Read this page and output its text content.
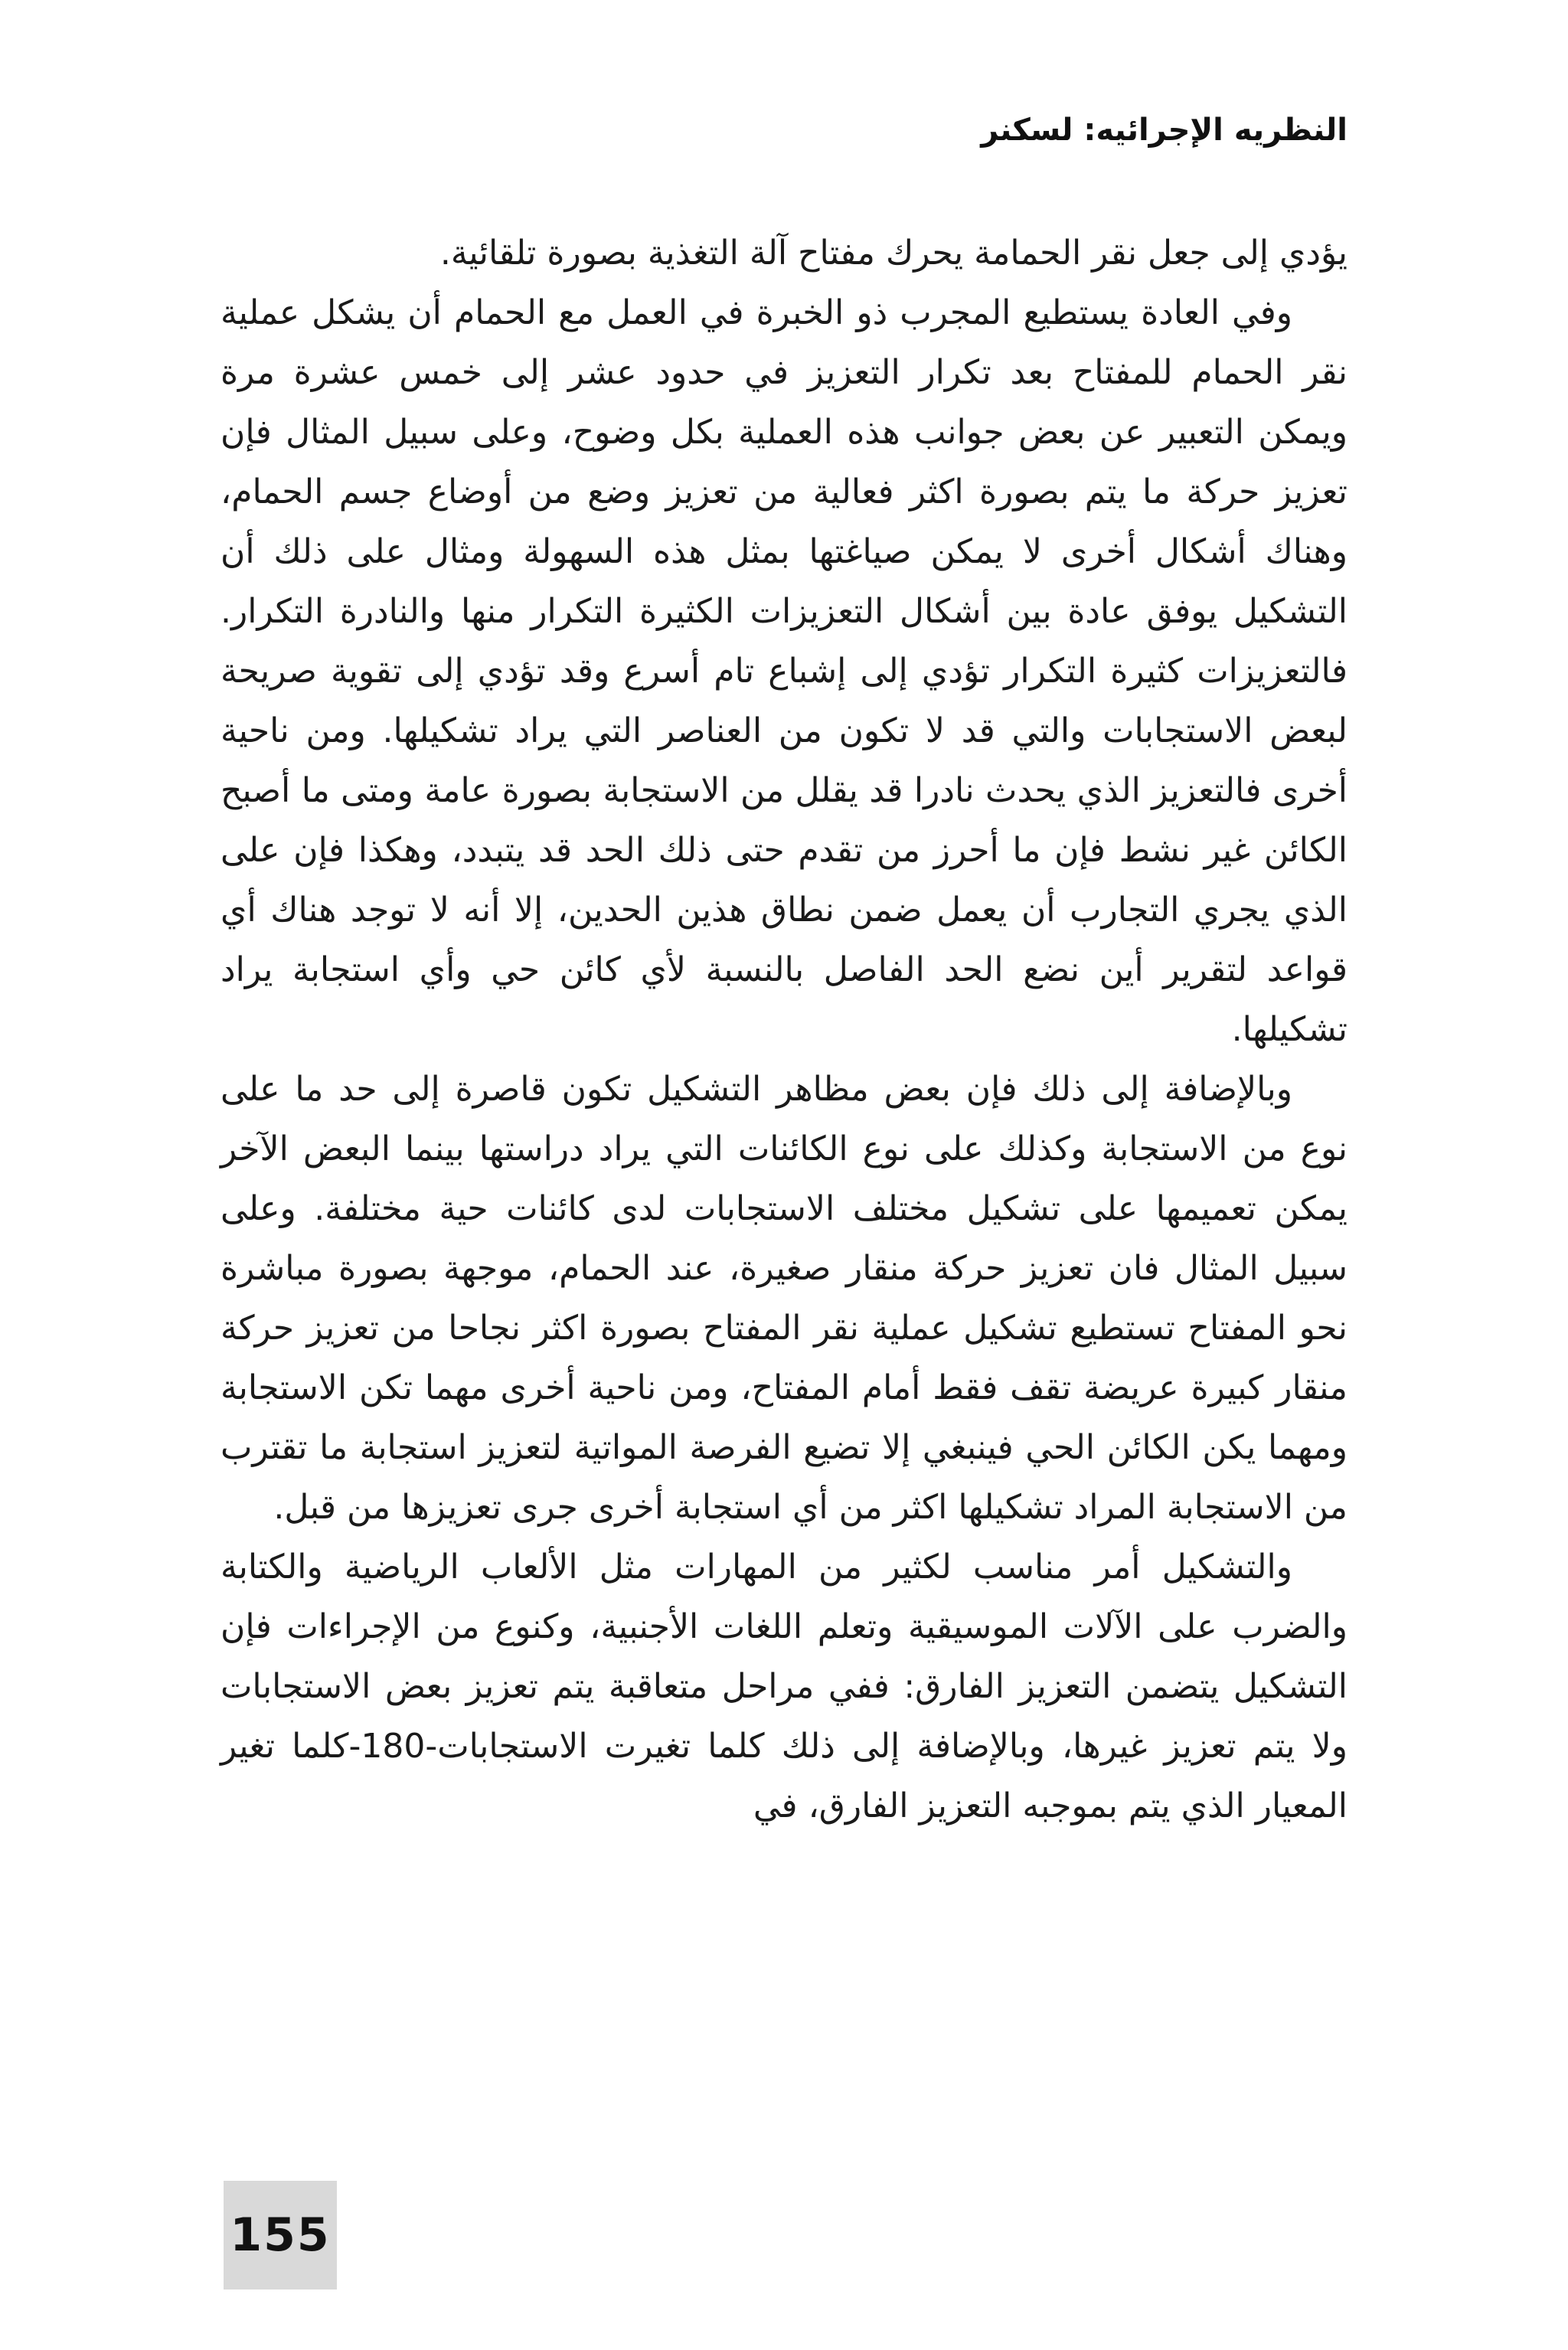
النظريه الإجرائيه: لسكنر

يؤدي إلى جعل نقر الحمامة يحرك مفتاح آلة التغذية بصورة تلقائية.

وفي العادة يستطيع المجرب ذو الخبرة في العمل مع الحمام أن يشكل عملية نقر الحمام للمفتاح بعد تكرار التعزيز في حدود عشر إلى خمس عشرة مرة ويمكن التعبير عن بعض جوانب هذه العملية بكل وضوح، وعلى سبيل المثال فإن تعزيز حركة ما يتم بصورة اكثر فعالية من تعزيز وضع من أوضاع جسم الحمام، وهناك أشكال أخرى لا يمكن صياغتها بمثل هذه السهولة ومثال على ذلك أن التشكيل يوفق عادة بين أشكال التعزيزات الكثيرة التكرار منها والنادرة التكرار. فالتعزيزات كثيرة التكرار تؤدي إلى إشباع تام أسرع وقد تؤدي إلى تقوية صريحة لبعض الاستجابات والتي قد لا تكون من العناصر التي يراد تشكيلها. ومن ناحية أخرى فالتعزيز الذي يحدث نادرا قد يقلل من الاستجابة بصورة عامة ومتى ما أصبح الكائن غير نشط فإن ما أحرز من تقدم حتى ذلك الحد قد يتبدد، وهكذا فإن على الذي يجري التجارب أن يعمل ضمن نطاق هذين الحدين، إلا أنه لا توجد هناك أي قواعد لتقرير أين نضع الحد الفاصل بالنسبة لأي كائن حي وأي استجابة يراد تشكيلها.

وبالإضافة إلى ذلك فإن بعض مظاهر التشكيل تكون قاصرة إلى حد ما على نوع من الاستجابة وكذلك على نوع الكائنات التي يراد دراستها بينما البعض الآخر يمكن تعميمها على تشكيل مختلف الاستجابات لدى كائنات حية مختلفة. وعلى سبيل المثال فان تعزيز حركة منقار صغيرة، عند الحمام، موجهة بصورة مباشرة نحو المفتاح تستطيع تشكيل عملية نقر المفتاح بصورة اكثر نجاحا من تعزيز حركة منقار كبيرة عريضة تقف فقط أمام المفتاح، ومن ناحية أخرى مهما تكن الاستجابة ومهما يكن الكائن الحي فينبغي إلا تضيع الفرصة المواتية لتعزيز استجابة ما تقترب من الاستجابة المراد تشكيلها اكثر من أي استجابة أخرى جرى تعزيزها من قبل.

والتشكيل أمر مناسب لكثير من المهارات مثل الألعاب الرياضية والكتابة والضرب على الآلات الموسيقية وتعلم اللغات الأجنبية، وكنوع من الإجراءات فإن التشكيل يتضمن التعزيز الفارق: ففي مراحل متعاقبة يتم تعزيز بعض الاستجابات ولا يتم تعزيز غيرها، وبالإضافة إلى ذلك كلما تغيرت الاستجابات-180-كلما تغير المعيار الذي يتم بموجبه التعزيز الفارق، في

155
